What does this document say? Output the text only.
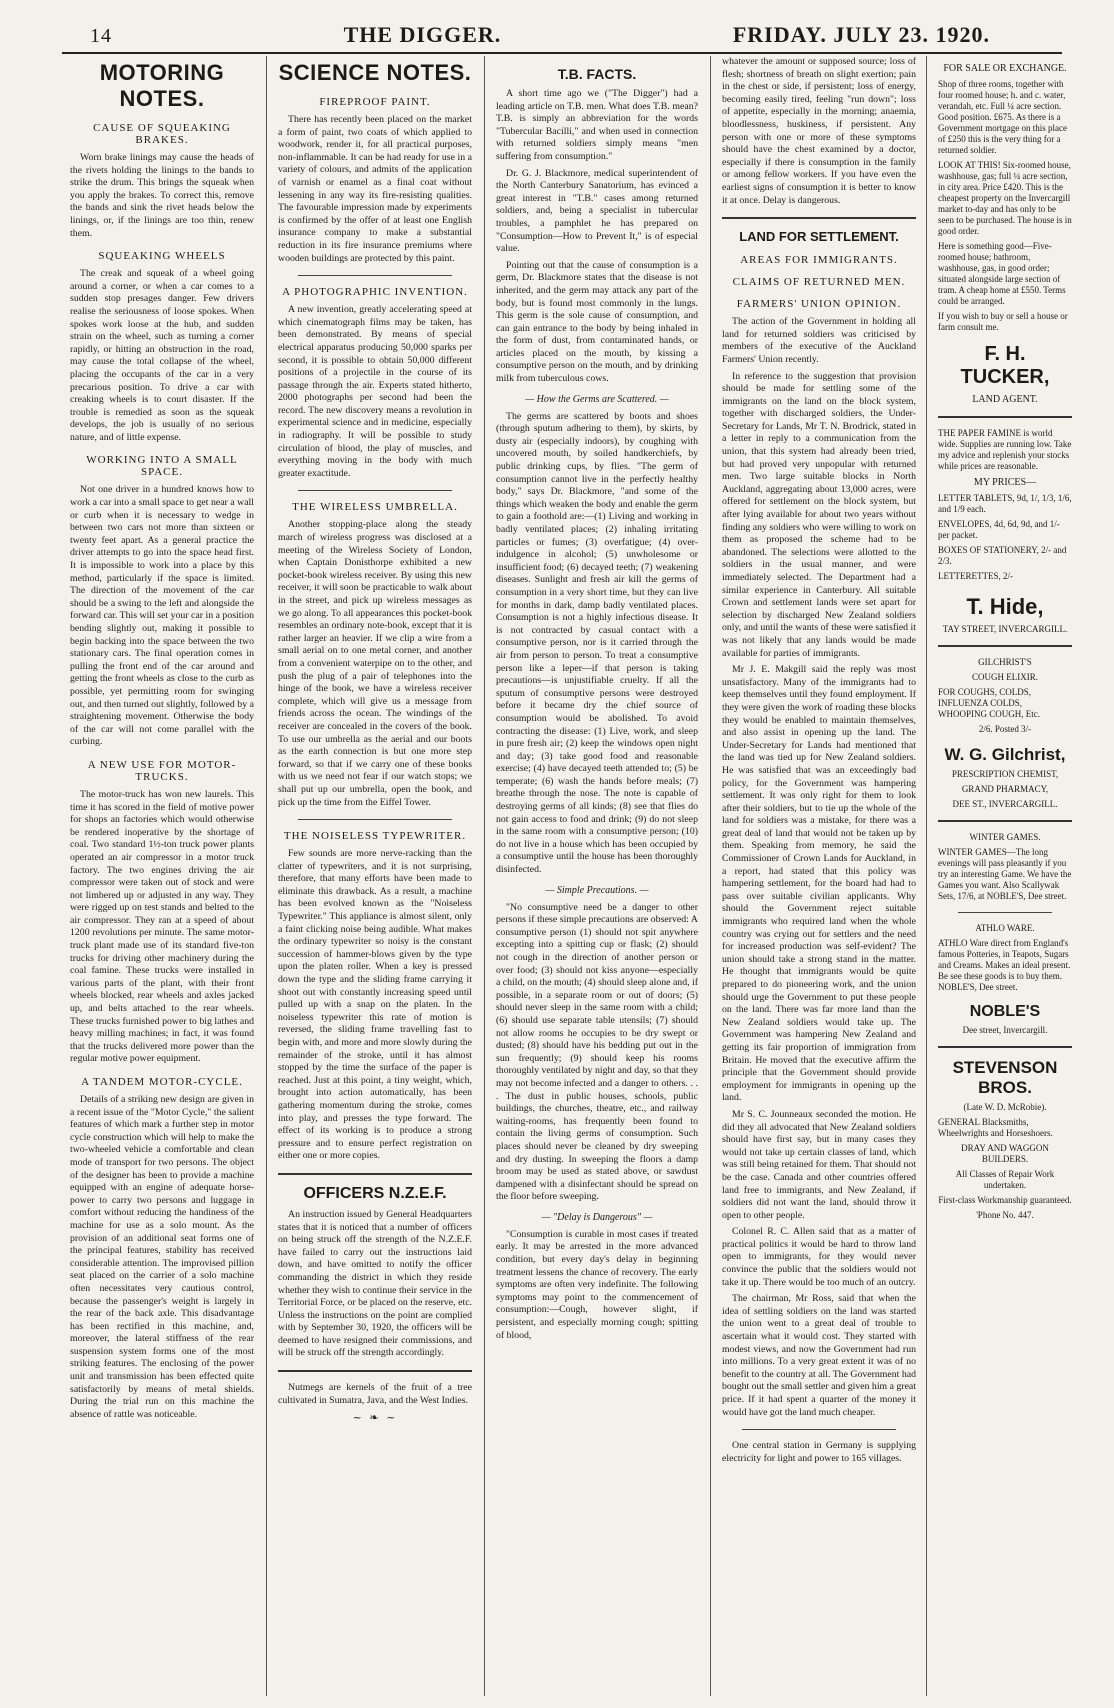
14	THE DIGGER.	FRIDAY. JULY 23. 1920.
MOTORING NOTES.
CAUSE OF SQUEAKING BRAKES.

Worn brake linings may cause the heads of the rivets holding the linings to the bands to strike the drum. This brings the squeak when you apply the brakes. To correct this, remove the bands and sink the rivet heads below the linings, or, if the linings are too thin, renew them.

SQUEAKING WHEELS

The creak and squeak of a wheel going around a corner, or when a car comes to a sudden stop presages danger. Few drivers realise the seriousness of loose spokes. When spokes work loose at the hub, and sudden strain on the wheel, such as turning a corner rapidly, or hitting an obstruction in the road, may cause the total collapse of the wheel, placing the occupants of the car in a very precarious position. To drive a car with creaking wheels is to court disaster. If the trouble is remedied as soon as the squeak develops, the job is usually of no serious nature, and of little expense.

WORKING INTO A SMALL SPACE.

Not one driver in a hundred knows how to work a car into a small space to get near a wall or curb when it is necessary to wedge in between two cars not more than sixteen or twenty feet apart. As a general practice the driver attempts to go into the space head first. It is impossible to work into a place by this method, particularly if the space is limited. The direction of the movement of the car should be a swing to the left and alongside the forward car. This will set your car in a position bending slightly out, making it possible to begin backing into the space between the two stationary cars. The final operation comes in pulling the front end of the car around and getting the front wheels as close to the curb as possible, yet permitting room for swinging out, and then turned out slightly, followed by a straightening movement. Otherwise the body of the car will not come parallel with the curbing.

A NEW USE FOR MOTOR-TRUCKS.

The motor-truck has won new laurels. This time it has scored in the field of motive power for shops an factories which would otherwise be rendered inoperative by the shortage of coal. Two standard 1½-ton truck power plants operated an air compressor in a motor truck factory. The two engines driving the air compressor were taken out of stock and were not limbered up or adjusted in any way. They were rigged up on test stands and belted to the air compressor. They ran at a speed of about 1200 revolutions per minute. The same motor-truck plant made use of its standard five-ton trucks for driving other machinery during the coal famine. These trucks were installed in various parts of the plant, with their front wheels blocked, rear wheels and axles jacked up, and belts attached to the rear wheels. These trucks furnished power to big lathes and heavy milling machines; in fact, it was found that the trucks delivered more power than the regular motive power equipment.

A TANDEM MOTOR-CYCLE.

Details of a striking new design are given in a recent issue of the "Motor Cycle," the salient features of which mark a further step in motor cycle construction which will help to make the two-wheeled vehicle a comfortable and clean mode of transport for two persons. The object of the designer has been to provide a machine equipped with an engine of adequate horse-power to carry two persons and luggage in comfort without reducing the handiness of the machine for use as a solo mount. As the provision of an additional seat forms one of the principal features, stability has received considerable attention. The improvised pillion seat placed on the carrier of a solo machine often necessitates very cautious control, because the passenger's weight is largely in the rear of the back axle. This disadvantage has been rectified in this machine, and, moreover, the lateral stiffness of the rear suspension system forms one of the most striking features. The enclosing of the power unit and transmission has been effected quite satisfactorily by means of metal shields. During the trial run on this machine the absence of rattle was noticeable.

SCIENCE NOTES.
FIREPROOF PAINT.

There has recently been placed on the market a form of paint, two coats of which applied to woodwork, render it, for all practical purposes, non-inflammable. It can be had ready for use in a variety of colours, and admits of the application of varnish or enamel as a final coat without lessening in any way its fire-resisting qualities. The favourable impression made by experiments is confirmed by the offer of at least one English insurance company to make a substantial reduction in its fire insurance premiums where wooden buildings are protected by this paint.

A PHOTOGRAPHIC INVENTION.

A new invention, greatly accelerating speed at which cinematograph films may be taken, has been demonstrated. By means of special electrical apparatus producing 50,000 sparks per second, it is possible to obtain 50,000 different positions of a projectile in the course of its passage through the air. Experts stated hitherto, 2000 photographs per second had been the record. The new discovery means a revolution in experimental science and in medicine, especially in radiography. It will be possible to study circulation of blood, the play of muscles, and everything moving in the body with much greater exactitude.

THE WIRELESS UMBRELLA.

Another stopping-place along the steady march of wireless progress was disclosed at a meeting of the Wireless Society of London, when Captain Donisthorpe exhibited a new pocket-book wireless receiver. By using this new receiver, it will soon be practicable to walk about in the street, and pick up wireless messages as we go along. To all appearances this pocket-book resembles an ordinary note-book, except that it is rather larger an heavier. If we clip a wire from a small aerial on to one metal corner, and another from a convenient waterpipe on to the other, and push the plug of a pair of telephones into the hinge of the book, we have a wireless receiver complete, which will give us a message from friends across the ocean. The windings of the receiver are concealed in the covers of the book. To use our umbrella as the aerial and our boots as the earth connection is but one more step forward, so that if we carry one of these books with us we need not fear if our watch stops; we shall put up our umbrella, open the book, and pick up the time from the Eiffel Tower.

THE NOISELESS TYPEWRITER.

Few sounds are more nerve-racking than the clatter of typewriters, and it is not surprising, therefore, that many efforts have been made to eliminate this drawback. As a result, a machine has been evolved known as the "Noiseless Typewriter." This appliance is almost silent, only a faint clicking noise being audible. What makes the ordinary typewriter so noisy is the constant succession of hammer-blows given by the type upon the platen roller. When a key is pressed down the type and the sliding frame carrying it shoot out with constantly increasing speed until pulled up with a snap on the platen. In the noiseless typewriter this rate of motion is reversed, the sliding frame travelling fast to begin with, and more and more slowly during the remainder of the stroke, until it has almost stopped by the time the surface of the paper is reached. Just at this point, a tiny weight, which, brought into action automatically, has been gathering momentum during the stroke, comes into play, and presses the type forward. The effect of its working is to produce a strong pressure and to ensure perfect registration on either one or more copies.

OFFICERS N.Z.E.F.

An instruction issued by General Headquarters states that it is noticed that a number of officers on being struck off the strength of the N.Z.E.F. have failed to carry out the instructions laid down, and have omitted to notify the officer commanding the district in which they reside whether they wish to continue their service in the Territorial Force, or be placed on the reserve, etc. Unless the instructions on the point are complied with by September 30, 1920, the officers will be deemed to have resigned their commissions, and will be struck off the strength accordingly.

Nutmegs are kernels of the fruit of a tree cultivated in Sumatra, Java, and the West Indies.

~ ❧ ~
T.B. FACTS.

A short time ago we ("The Digger") had a leading article on T.B. men. What does T.B. mean? T.B. is simply an abbreviation for the words "Tubercular Bacilli," and when used in connection with returned soldiers simply means "men suffering from consumption."

Dr. G. J. Blackmore, medical superintendent of the North Canterbury Sanatorium, has evinced a great interest in "T.B." cases among returned soldiers, and, being a specialist in tubercular troubles, a pamphlet he has prepared on "Consumption—How to Prevent It," is of especial value.

Pointing out that the cause of consumption is a germ, Dr. Blackmore states that the disease is not inherited, and the germ may attack any part of the body, but is found most commonly in the lungs. This germ is the sole cause of consumption, and can gain entrance to the body by being inhaled in the form of dust, from contaminated hands, or articles placed on the mouth, by kissing a consumptive person on the mouth, and by drinking milk from tuberculous cows.

— How the Germs are Scattered. —

The germs are scattered by boots and shoes (through sputum adhering to them), by skirts, by dusty air (especially indoors), by coughing with uncovered mouth, by soiled handkerchiefs, by public drinking cups, by flies. "The germ of consumption cannot live in the perfectly healthy body," says Dr. Blackmore, "and some of the things which weaken the body and enable the germ to gain a foothold are:—(1) Living and working in badly ventilated places; (2) inhaling irritating particles or fumes; (3) overfatigue; (4) over-indulgence in alcohol; (5) unwholesome or insufficient food; (6) decayed teeth; (7) weakening diseases. Sunlight and fresh air kill the germs of consumption in a very short time, but they can live for months in dark, damp badly ventilated places. Consumption is not a highly infectious disease. It is not contracted by casual contact with a consumptive person, nor is it carried through the air from person to person. To treat a consumptive person like a leper—if that person is taking precautions—is unjustifiable cruelty. If all the sputum of consumptive persons were destroyed before it became dry the chief source of consumption would be abolished. To avoid contracting the disease: (1) Live, work, and sleep in pure fresh air; (2) keep the windows open night and day; (3) take good food and reasonable exercise; (4) have decayed teeth attended to; (5) be temperate; (6) wash the hands before meals; (7) breathe through the nose. The note is capable of destroying germs of all kinds; (8) see that flies do not gain access to food and drink; (9) do not sleep in the same room with a consumptive person; (10) do not live in a house which has been occupied by a consumptive until the house has been thoroughly disinfected.

— Simple Precautions. —

"No consumptive need be a danger to other persons if these simple precautions are observed: A consumptive person (1) should not spit anywhere excepting into a spitting cup or flask; (2) should not cough in the direction of another person or over food; (3) should not kiss anyone—especially a child, on the mouth; (4) should sleep alone and, if possible, in a separate room or out of doors; (5) should never sleep in the same room with a child; (6) should use separate table utensils; (7) should not allow rooms he occupies to be dry swept or dusted; (8) should have his bedding put out in the sun frequently; (9) should keep his rooms thoroughly ventilated by night and day, so that they may not become infected and a danger to others. . . . The dust in public houses, schools, public buildings, the churches, theatre, etc., and railway waiting-rooms, has frequently been found to contain the living germs of consumption. Such places should never be cleaned by dry sweeping and dry dusting. In sweeping the floors a damp broom may be used as stated above, or sawdust dampened with a disinfectant should be spread on the floor before sweeping.

— "Delay is Dangerous" —

"Consumption is curable in most cases if treated early. It may be arrested in the more advanced condition, but every day's delay in beginning treatment lessens the chance of recovery. The early symptoms are often very indefinite. The following symptoms may point to the commencement of consumption:—Cough, however slight, if persistent, and especially morning cough; spitting of blood,

whatever the amount or supposed source; loss of flesh; shortness of breath on slight exertion; pain in the chest or side, if persistent; loss of energy, becoming easily tired, feeling "run down"; loss of appetite, especially in the morning; anaemia, bloodlessness, huskiness, if persistent. Any person with one or more of these symptoms should have the chest examined by a doctor, especially if there is consumption in the family or among fellow workers. If you have even the earliest signs of consumption it is better to know it at once. Delay is dangerous.

LAND FOR SETTLEMENT.
AREAS FOR IMMIGRANTS.
CLAIMS OF RETURNED MEN.
FARMERS' UNION OPINION.

The action of the Government in holding all land for returned soldiers was criticised by members of the executive of the Auckland Farmers' Union recently.

In reference to the suggestion that provision should be made for settling some of the immigrants on the land on the block system, together with discharged soldiers, the Under-Secretary for Lands, Mr T. N. Brodrick, stated in a letter in reply to a communication from the union, that this system had already been tried, but had proved very unpopular with returned men. Two large suitable blocks in North Auckland, aggregating about 13,000 acres, were offered for settlement on the block system, but after lying available for about two years without finding any soldiers who were willing to work on them as proposed the scheme had to be abandoned. The selections were allotted to the soldiers in the usual manner, and were immediately selected. The Department had a similar experience in Canterbury. All suitable Crown and settlement lands were set apart for selection by discharged New Zealand soldiers only, and until the wants of these were satisfied it was not likely that any lands would be made available for parties of immigrants.

Mr J. E. Makgill said the reply was most unsatisfactory. Many of the immigrants had to keep themselves until they found employment. If they were given the work of roading these blocks they would be enabled to maintain themselves, and also assist in opening up the land. The Under-Secretary for Lands had mentioned that the land was tied up for New Zealand soldiers. He was satisfied that was an exceedingly bad policy, for the Government was hampering settlement. It was only right for them to look after their soldiers, but to tie up the whole of the land for soldiers was a mistake, for there was a great deal of land that would not be taken up by them. Speaking from memory, he said the Commissioner of Crown Lands for Auckland, in a report, had stated that this policy was hampering settlement, for the board had had to pass over suitable civilian applicants. Why should the Government reject suitable immigrants who required land when the whole country was crying out for settlers and the need for increased production was self-evident? The union should take a strong stand in the matter. He thought that immigrants would be quite prepared to do pioneering work, and the union should urge the Government to put these people on the land. There was far more land than the New Zealand soldiers would take up. The Government was hampering New Zealand and getting its fair proportion of immigration from Britain. He moved that the executive affirm the principle that the Government should provide employment for immigrants in opening up the land.

Mr S. C. Jounneaux seconded the motion. He did they all advocated that New Zealand soldiers should have first say, but in many cases they would not take up certain classes of land, which was still being retained for them. That should not be the case. Canada and other countries offered land free to immigrants, and New Zealand, if soldiers did not want the land, should throw it open to other people.

Colonel R. C. Allen said that as a matter of practical politics it would be hard to throw land open to immigrants, for they would never convince the public that the soldiers would not take it up. There would be too much of an outcry.

The chairman, Mr Ross, said that when the idea of settling soldiers on the land was started the union went to a great deal of trouble to ascertain what it would cost. They started with modest views, and now the Government had run into millions. To a very great extent it was of no benefit to the country at all. The Government had bought out the small settler and given him a great price. If it had spent a quarter of the money it would have got the land much cheaper.

One central station in Germany is supplying electricity for light and power to 165 villages.

FOR SALE OR EXCHANGE.
Shop of three rooms, together with four roomed house; h. and c. water, verandah, etc. Full ¼ acre section. Good position. £675. As there is a Government mortgage on this place of £250 this is the very thing for a returned soldier.
LOOK AT THIS! Six-roomed house, washhouse, gas; full ¼ acre section, in city area. Price £420. This is the cheapest property on the Invercargill market to-day and has only to be seen to be purchased. The house is in good order.
Here is something good—Five-roomed house; bathroom, washhouse, gas, in good order; situated alongside large section of tram. A cheap home at £550. Terms could be arranged.
If you wish to buy or sell a house or farm consult me.
F. H. TUCKER,
LAND AGENT.
THE PAPER FAMINE is world wide. Supplies are running low. Take my advice and replenish your stocks while prices are reasonable.
MY PRICES—
LETTER TABLETS, 9d, 1/, 1/3, 1/6, and 1/9 each.
ENVELOPES, 4d, 6d, 9d, and 1/- per packet.
BOXES OF STATIONERY, 2/- and 2/3.
LETTERETTES, 2/-
T. Hide,
TAY STREET, INVERCARGILL.
GILCHRIST'S
COUGH ELIXIR.
FOR COUGHS, COLDS, INFLUENZA COLDS, WHOOPING COUGH, Etc.
2/6. Posted 3/-
W. G. Gilchrist,
PRESCRIPTION CHEMIST,
GRAND PHARMACY,
DEE ST., INVERCARGILL.
WINTER GAMES.
WINTER GAMES—The long evenings will pass pleasantly if you try an interesting Game. We have the Games you want. Also Scallywak Sets, 17/6, at NOBLE'S, Dee street.
ATHLO WARE.
ATHLO Ware direct from England's famous Potteries, in Teapots, Sugars and Creams. Makes an ideal present. Be see these goods is to buy them. NOBLE'S, Dee street.
NOBLE'S
Dee street, Invercargill.
STEVENSON BROS.
(Late W. D. McRobie).
GENERAL Blacksmiths, Wheelwrights and Horseshoers.
DRAY AND WAGGON BUILDERS.
All Classes of Repair Work undertaken.
First-class Workmanship guaranteed.
'Phone No. 447.
